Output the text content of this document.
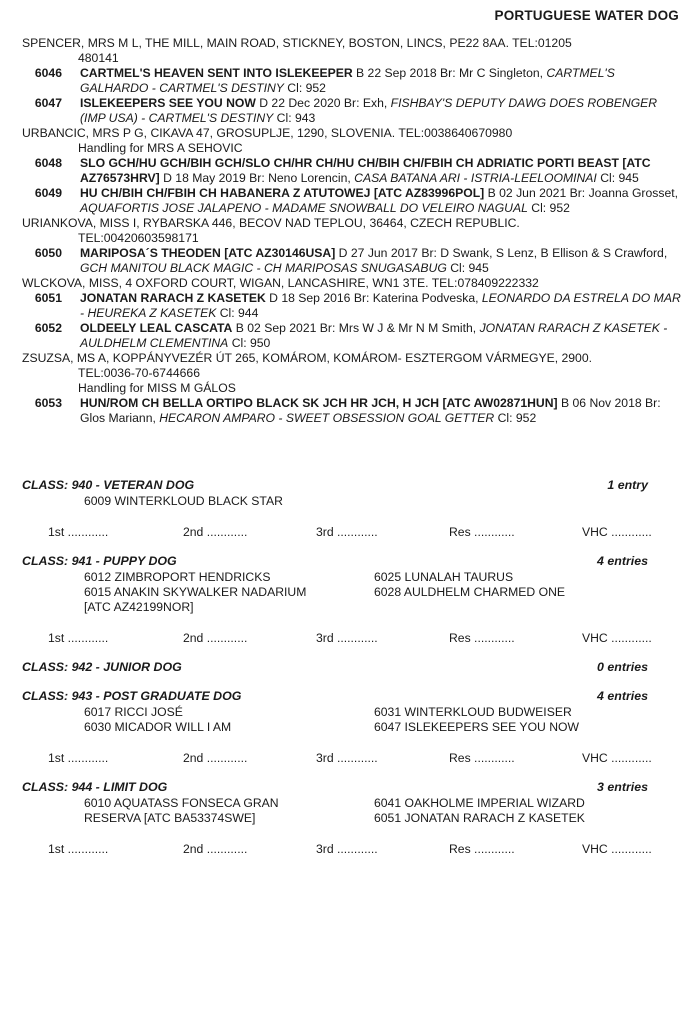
PORTUGUESE WATER DOG
SPENCER, MRS M L, THE MILL, MAIN ROAD, STICKNEY, BOSTON, LINCS, PE22 8AA. TEL:01205
480141
6046	CARTMEL'S HEAVEN SENT INTO ISLEKEEPER B 22 Sep 2018 Br: Mr C Singleton, CARTMEL'S GALHARDO - CARTMEL'S DESTINY Cl: 952
6047	ISLEKEEPERS SEE YOU NOW D 22 Dec 2020 Br: Exh, FISHBAY'S DEPUTY DAWG DOES ROBENGER (IMP USA) - CARTMEL'S DESTINY Cl: 943
URBANCIC, MRS P G, CIKAVA 47, GROSUPLJE, 1290, SLOVENIA. TEL:0038640670980
Handling for MRS A SEHOVIC
6048	SLO GCH/HU GCH/BIH GCH/SLO CH/HR CH/HU CH/BIH CH/FBIH CH ADRIATIC PORTI BEAST [ATC AZ76573HRV] D 18 May 2019 Br: Neno Lorencin, CASA BATANA ARI - ISTRIA-LEELOOMINAI Cl: 945
6049	HU CH/BIH CH/FBIH CH HABANERA Z ATUTOWEJ [ATC AZ83996POL] B 02 Jun 2021 Br: Joanna Grosset, AQUAFORTIS JOSE JALAPENO - MADAME SNOWBALL DO VELEIRO NAGUAL Cl: 952
URIANKOVA, MISS I, RYBARSKA 446, BECOV NAD TEPLOU, 36464, CZECH REPUBLIC.
TEL:00420603598171
6050	MARIPOSA´S THEODEN [ATC AZ30146USA] D 27 Jun 2017 Br: D Swank, S Lenz, B Ellison & S Crawford, GCH MANITOU BLACK MAGIC - CH MARIPOSAS SNUGASABUG Cl: 945
WLCKOVA, MISS, 4 OXFORD COURT, WIGAN, LANCASHIRE, WN1 3TE. TEL:078409222332
6051	JONATAN RARACH Z KASETEK D 18 Sep 2016 Br: Katerina Podveska, LEONARDO DA ESTRELA DO MAR - HEUREKA Z KASETEK Cl: 944
6052	OLDEELY LEAL CASCATA B 02 Sep 2021 Br: Mrs W J & Mr N M Smith, JONATAN RARACH Z KASETEK - AULDHELM CLEMENTINA Cl: 950
ZSUZSA, MS A, KOPPÁNYVEZÉR ÚT 265, KOMÁROM, KOMÁROM- ESZTERGOM VÁRMEGYE, 2900.
TEL:0036-70-6744666
Handling for MISS M GÁLOS
6053	HUN/ROM CH BELLA ORTIPO BLACK SK JCH HR JCH, H JCH [ATC AW02871HUN] B 06 Nov 2018 Br: Glos Mariann, HECARON AMPARO - SWEET OBSESSION GOAL GETTER Cl: 952
CLASS: 940 - VETERAN DOG	1 entry
6009 WINTERKLOUD BLACK STAR
1st ............	2nd ............	3rd ............	Res ............	VHC ............
CLASS: 941 - PUPPY DOG	4 entries
6012 ZIMBROPORT HENDRICKS	6025 LUNALAH TAURUS
6015 ANAKIN SKYWALKER NADARIUM	6028 AULDHELM CHARMED ONE
[ATC AZ42199NOR]
1st ............	2nd ............	3rd ............	Res ............	VHC ............
CLASS: 942 - JUNIOR DOG	0 entries
CLASS: 943 - POST GRADUATE DOG	4 entries
6017 RICCI JOSÉ	6031 WINTERKLOUD BUDWEISER
6030 MICADOR WILL I AM	6047 ISLEKEEPERS SEE YOU NOW
1st ............	2nd ............	3rd ............	Res ............	VHC ............
CLASS: 944 - LIMIT DOG	3 entries
6010 AQUATASS FONSECA GRAN	6041 OAKHOLME IMPERIAL WIZARD
RESERVA [ATC BA53374SWE]	6051 JONATAN RARACH Z KASETEK
1st ............	2nd ............	3rd ............	Res ............	VHC ............
